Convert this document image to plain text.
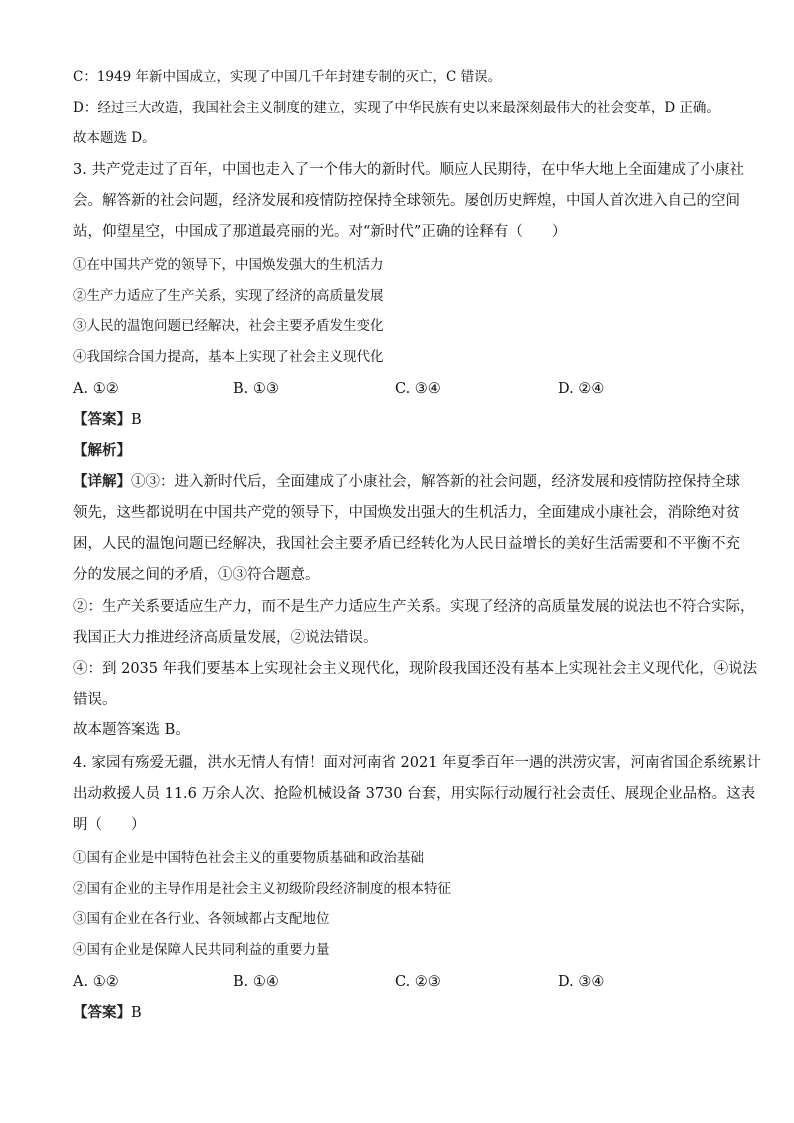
C：1949 年新中国成立，实现了中国几千年封建专制的灭亡，C 错误。
D：经过三大改造，我国社会主义制度的建立，实现了中华民族有史以来最深刻最伟大的社会变革，D 正确。
故本题选 D。
3. 共产党走过了百年，中国也走入了一个伟大的新时代。顺应人民期待，在中华大地上全面建成了小康社
会。解答新的社会问题，经济发展和疫情防控保持全球领先。屡创历史辉煌，中国人首次进入自己的空间
站，仰望星空，中国成了那道最亮丽的光。对“新时代”正确的诠释有（　　）
①在中国共产党的领导下，中国焕发强大的生机活力
②生产力适应了生产关系，实现了经济的高质量发展
③人民的温饱问题已经解决，社会主要矛盾发生变化
④我国综合国力提高，基本上实现了社会主义现代化
A. ①②	B. ①③	C. ③④	D. ②④
【答案】B
【解析】
【详解】①③：进入新时代后，全面建成了小康社会，解答新的社会问题，经济发展和疫情防控保持全球
领先，这些都说明在中国共产党的领导下，中国焕发出强大的生机活力，全面建成小康社会，消除绝对贫
困，人民的温饱问题已经解决，我国社会主要矛盾已经转化为人民日益增长的美好生活需要和不平衡不充
分的发展之间的矛盾，①③符合题意。
②：生产关系要适应生产力，而不是生产力适应生产关系。实现了经济的高质量发展的说法也不符合实际，
我国正大力推进经济高质量发展，②说法错误。
④：到 2035 年我们要基本上实现社会主义现代化，现阶段我国还没有基本上实现社会主义现代化，④说法
错误。
故本题答案选 B。
4. 家园有殇爱无疆，洪水无情人有情！面对河南省 2021 年夏季百年一遇的洪涝灾害，河南省国企系统累计
出动救援人员 11.6 万余人次、抢险机械设备 3730 台套，用实际行动履行社会责任、展现企业品格。这表
明（　　）
①国有企业是中国特色社会主义的重要物质基础和政治基础
②国有企业的主导作用是社会主义初级阶段经济制度的根本特征
③国有企业在各行业、各领域都占支配地位
④国有企业是保障人民共同利益的重要力量
A. ①②	B. ①④	C. ②③	D. ③④
【答案】B
